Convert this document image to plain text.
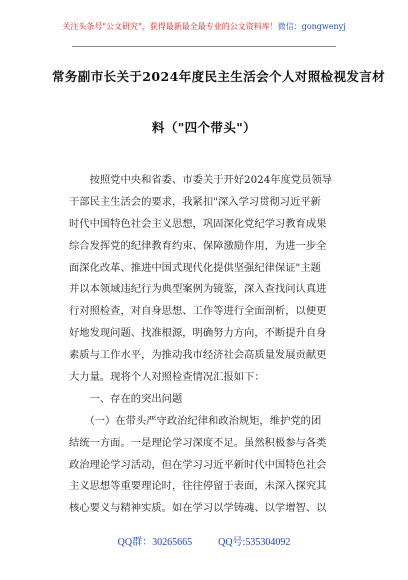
关注头条号"公文研究"，获得最新最全最专业的公文资料库！微信：gongwenyj
常务副市长关于2024年度民主生活会个人对照检视发言材
料（"四个带头"）
　　按照党中央和省委、市委关于开好2024年度党员领导
干部民主生活会的要求，我紧扣"深入学习贯彻习近平新
时代中国特色社会主义思想，巩固深化党纪学习教育成果
综合发挥党的纪律教育约束、保障激励作用，为进一步全
面深化改革、推进中国式现代化提供坚强纪律保证"主题
并以本领域违纪行为典型案例为镜鉴，深入查找问认真进
行对照检查，对自身思想、工作等进行全面剖析，以便更
好地发现问题、找准根源，明确努力方向，不断提升自身
素质与工作水平，为推动我市经济社会高质量发展贡献更
大力量。现将个人对照检查情况汇报如下：
　　一、存在的突出问题
　　（一）在带头严守政治纪律和政治规矩，维护党的团
结统一方面。一是理论学习深度不足。虽然积极参与各类
政治理论学习活动，但在学习习近平新时代中国特色社会
主义思想等重要理论时，往往停留于表面，未深入探究其
核心要义与精神实质。如在学习以学铸魂、以学增智、以
QQ群：30265665	QQ号:535304092
